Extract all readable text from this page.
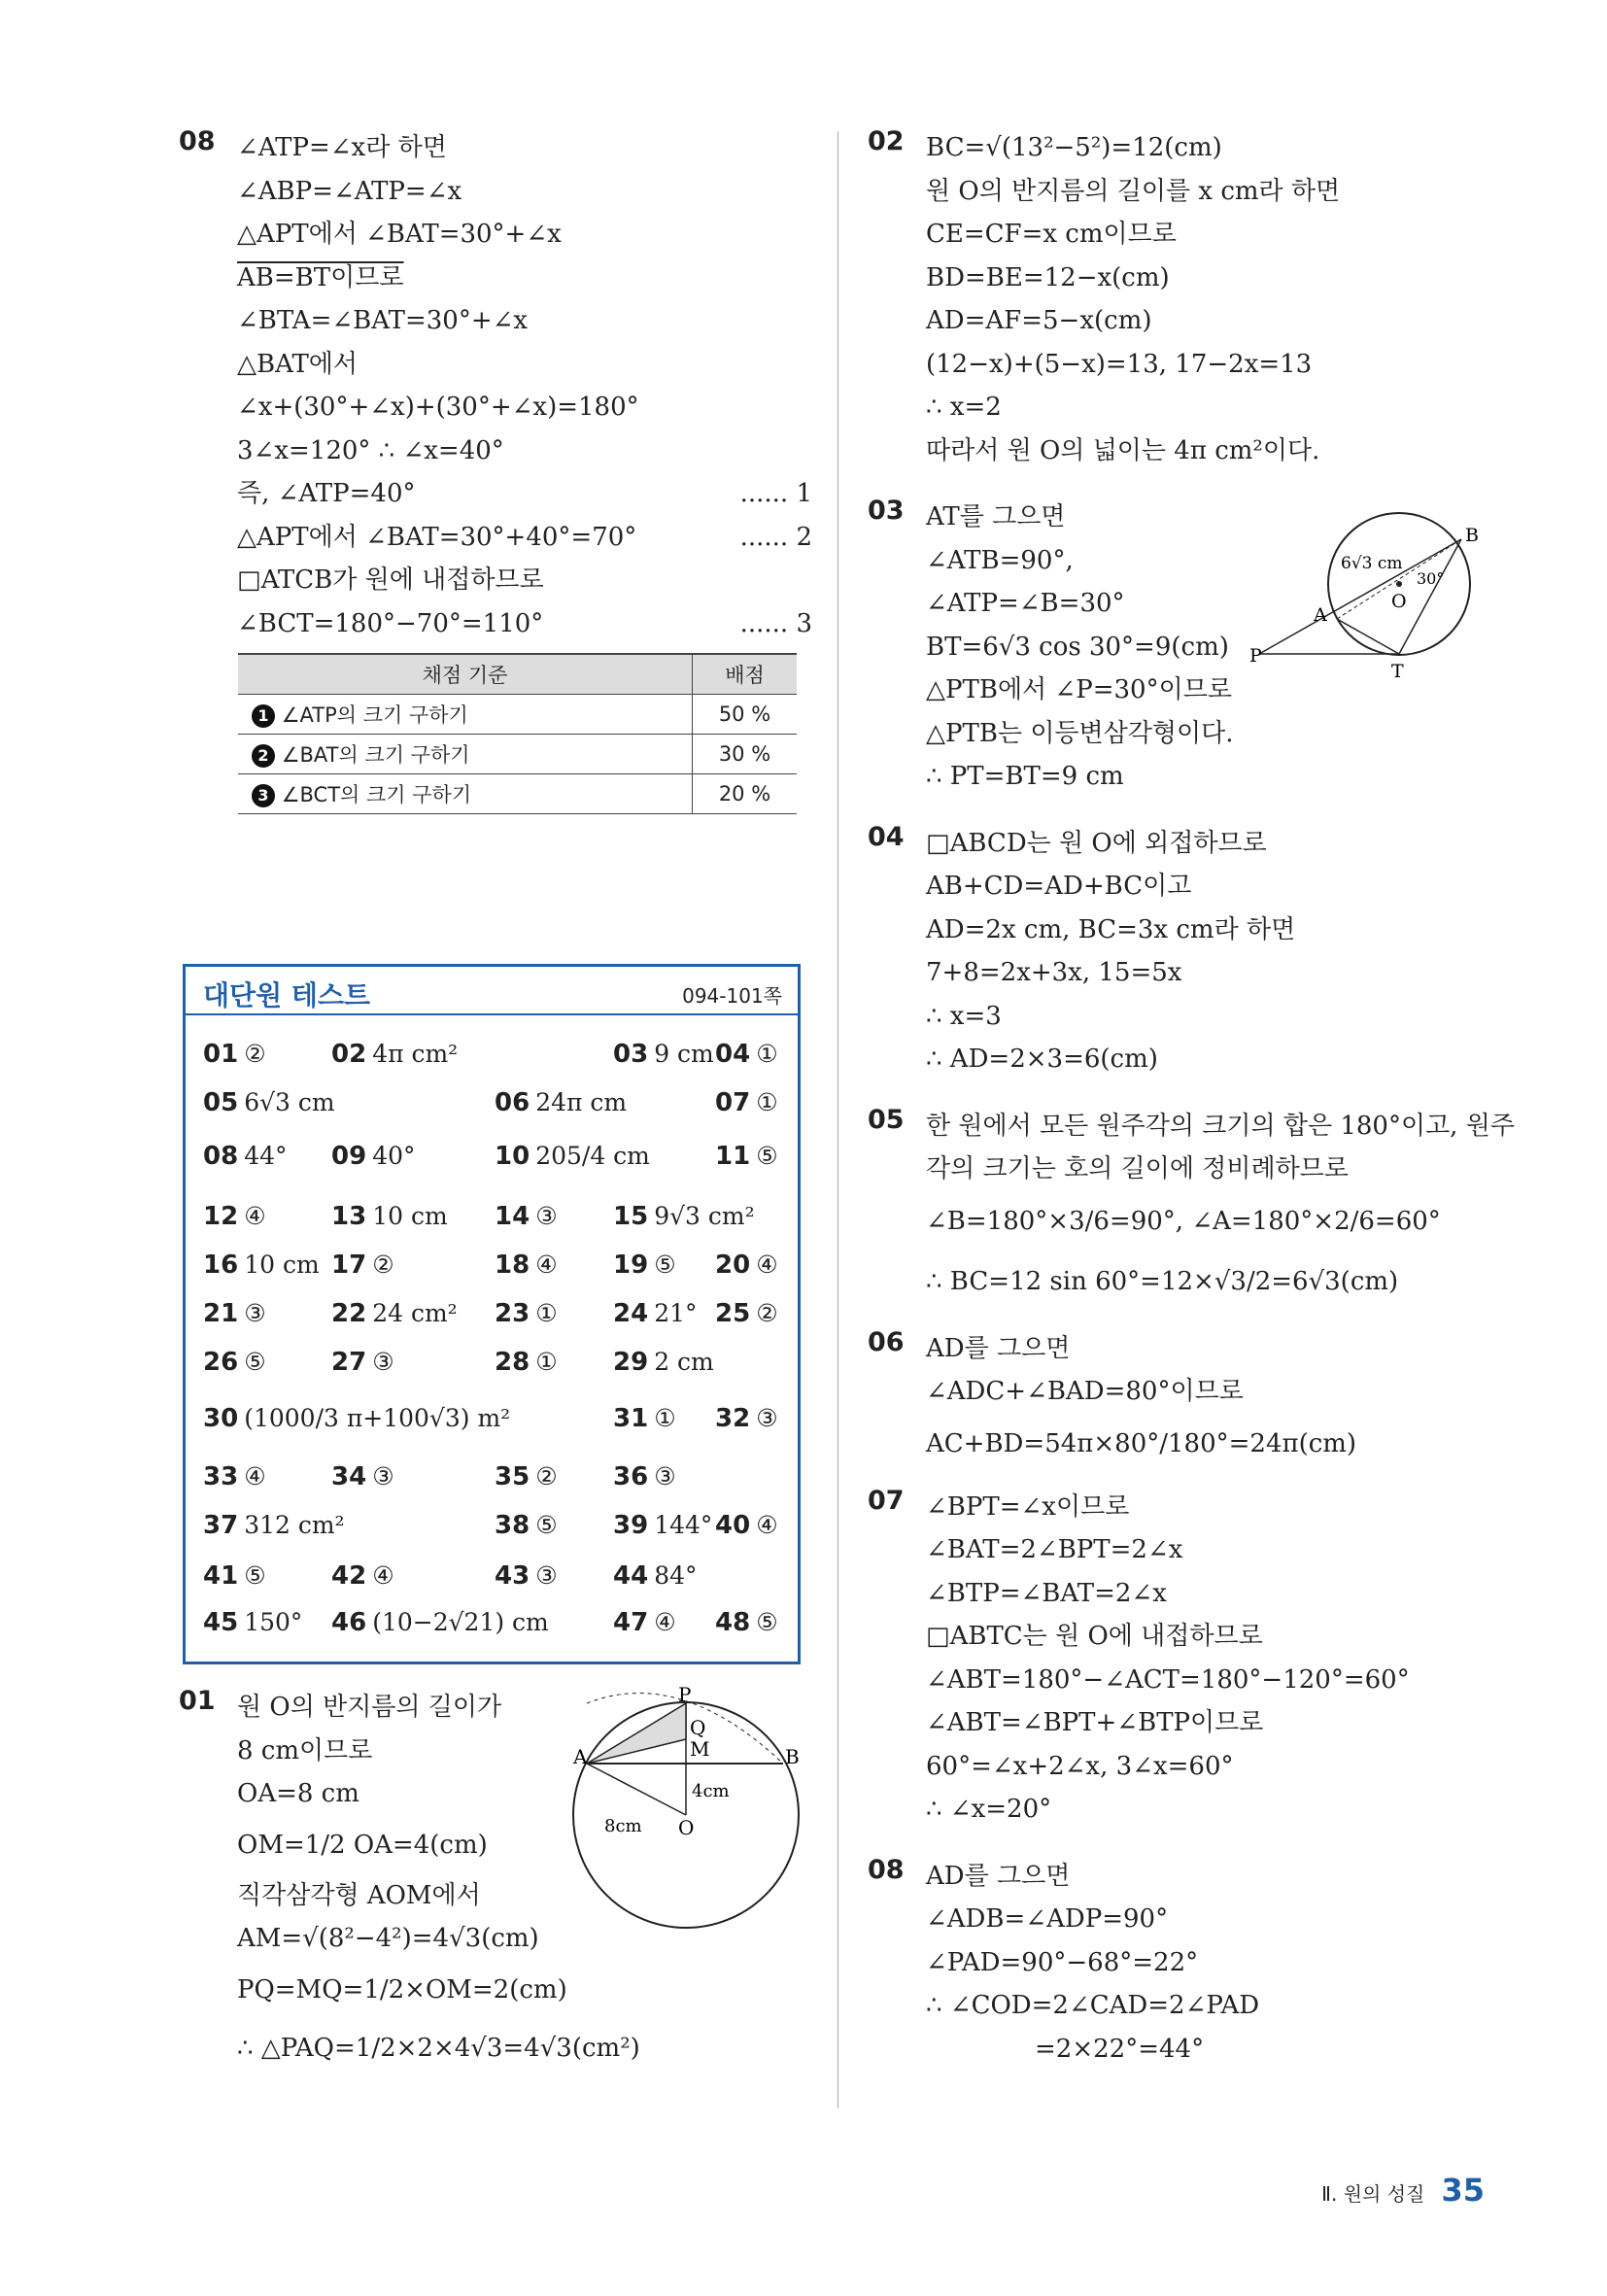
08 ∠ATP=∠x라 하면
∠ABP=∠ATP=∠x
△APT에서 ∠BAT=30°+∠x
AB=BT이므로
∠BTA=∠BAT=30°+∠x
△BAT에서
∠x+(30°+∠x)+(30°+∠x)=180°
3∠x=120° ∴ ∠x=40°
즉, ∠ATP=40°	...... 1
△APT에서 ∠BAT=30°+40°=70°	...... 2
□ATCB가 원에 내접하므로
∠BCT=180°−70°=110°	...... 3
채점 기준	배점
1 ∠ATP의 크기 구하기	50 %
2 ∠BAT의 크기 구하기	30 %
3 ∠BCT의 크기 구하기	20 %
대단원 테스트	094-101쪽
01 ②	02 4π cm²	03 9 cm 04 ①
05 6√3 cm	06 24π cm	07 ①
08 44° 09 40°	10 205/4 cm	11 ⑤
12 ④	13 10 cm 14 ③ 15 9√3 cm²
16 10 cm 17 ②	18 ④ 19 ⑤ 20 ④
21 ③	22 24 cm² 23 ① 24 21° 25 ②
26 ⑤	27 ③	28 ① 29 2 cm
30 (1000/3 π+100√3) m²	31 ① 32 ③
33 ④	34 ③	35 ② 36 ③
37 312 cm²	38 ⑤ 39 144° 40 ④
41 ⑤	42 ④	43 ③ 44 84°
45 150° 46 (10−2√21) cm	47 ④ 48 ⑤
01 원 O의 반지름의 길이가
8 cm이므로
OA=8 cm
OM=1/2 OA=4(cm)
직각삼각형 AOM에서
AM=√(8²−4²)=4√3(cm)
PQ=MQ=1/2×OM=2(cm)
∴ △PAQ=1/2×2×4√3=4√3(cm²)
P
Q
M
A	B
O
4cm
8cm
02 BC=√(13²−5²)=12(cm)
원 O의 반지름의 길이를 x cm라 하면
CE=CF=x cm이므로
BD=BE=12−x(cm)
AD=AF=5−x(cm)
(12−x)+(5−x)=13, 17−2x=13
∴ x=2
따라서 원 O의 넓이는 4π cm²이다.
03 AT를 그으면
∠ATB=90°,
∠ATP=∠B=30°
BT=6√3 cos 30°=9(cm)
△PTB에서 ∠P=30°이므로
△PTB는 이등변삼각형이다.
∴ PT=BT=9 cm
04 □ABCD는 원 O에 외접하므로
AB+CD=AD+BC이고
AD=2x cm, BC=3x cm라 하면
7+8=2x+3x, 15=5x
∴ x=3
∴ AD=2×3=6(cm)
05 한 원에서 모든 원주각의 크기의 합은 180°이고, 원주
각의 크기는 호의 길이에 정비례하므로
∠B=180°×3/6=90°, ∠A=180°×2/6=60°
∴ BC=12 sin 60°=12×√3/2=6√3(cm)
06 AD를 그으면
∠ADC+∠BAD=80°이므로
AC+BD=54π×80°/180°=24π(cm)
07 ∠BPT=∠x이므로
∠BAT=2∠BPT=2∠x
∠BTP=∠BAT=2∠x
□ABTC는 원 O에 내접하므로
∠ABT=180°−∠ACT=180°−120°=60°
∠ABT=∠BPT+∠BTP이므로
60°=∠x+2∠x, 3∠x=60°
∴ ∠x=20°
08 AD를 그으면
∠ADB=∠ADP=90°
∠PAD=90°−68°=22°
∴ ∠COD=2∠CAD=2∠PAD
=2×22°=44°
B
6√3 cm
30°
O
A
P
T
Ⅱ. 원의 성질 35
